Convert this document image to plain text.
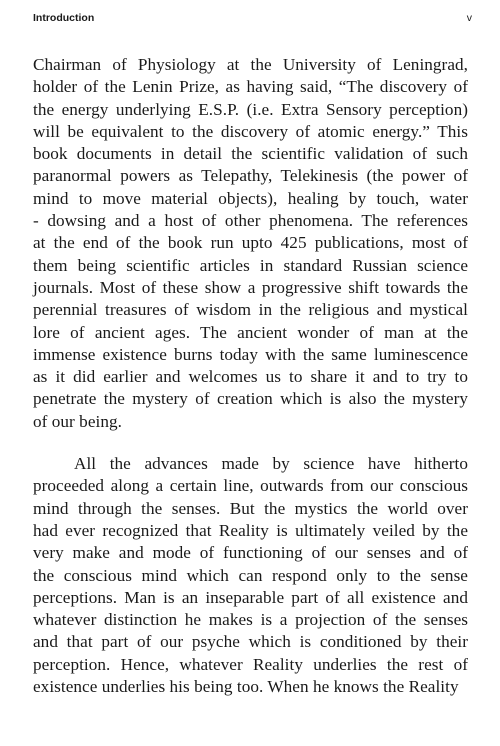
Introduction	v

Chairman of Physiology at the University of Leningrad,
holder of the Lenin Prize, as having said, “The discovery of
the energy underlying E.S.P. (i.e. Extra Sensory perception)
will be equivalent to the discovery of atomic energy.” This
book documents in detail the scientific validation of such
paranormal powers as Telepathy, Telekinesis (the power of
mind to move material objects), healing by touch, water
- dowsing and a host of other phenomena. The references
at the end of the book run upto 425 publications, most of
them being scientific articles in standard Russian science
journals. Most of these show a progressive shift towards the
perennial treasures of wisdom in the religious and mystical
lore of ancient ages. The ancient wonder of man at the
immense existence burns today with the same luminescence
as it did earlier and welcomes us to share it and to try to
penetrate the mystery of creation which is also the mystery
of our being.

All the advances made by science have hitherto
proceeded along a certain line, outwards from our conscious
mind through the senses. But the mystics the world over
had ever recognized that Reality is ultimately veiled by the
very make and mode of functioning of our senses and of
the conscious mind which can respond only to the sense
perceptions. Man is an inseparable part of all existence and
whatever distinction he makes is a projection of the senses
and that part of our psyche which is conditioned by their
perception. Hence, whatever Reality underlies the rest of
existence underlies his being too. When he knows the Reality
